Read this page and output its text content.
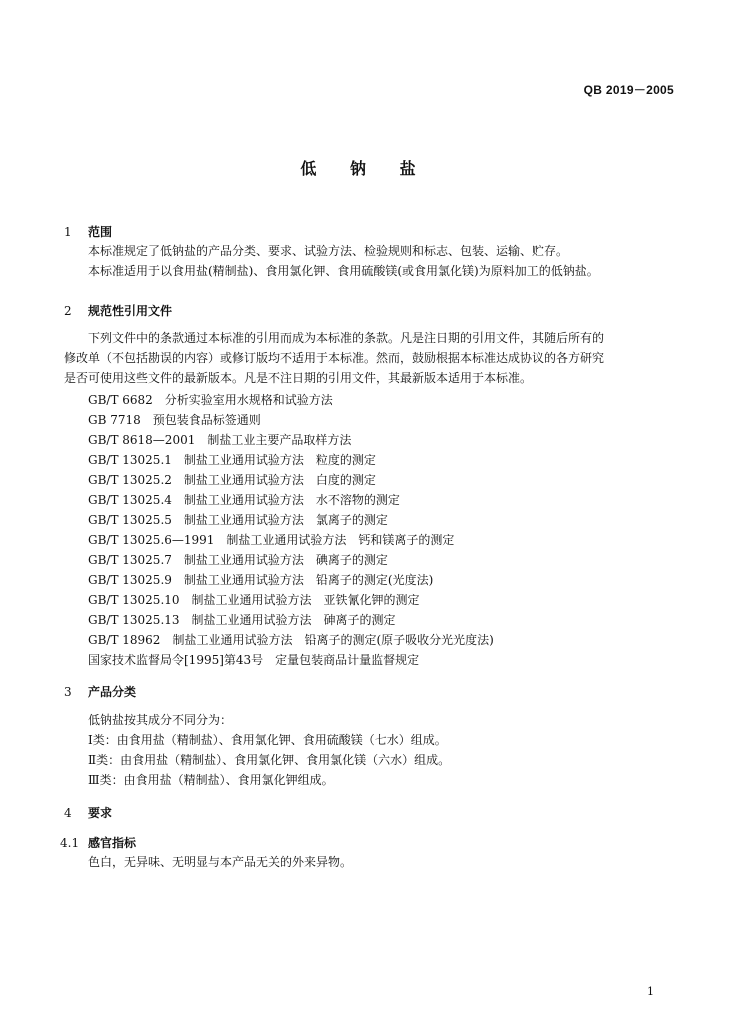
QB 2019－2005
低 钠 盐
1 范围
本标准规定了低钠盐的产品分类、要求、试验方法、检验规则和标志、包装、运输、贮存。
本标准适用于以食用盐(精制盐)、食用氯化钾、食用硫酸镁(或食用氯化镁)为原料加工的低钠盐。
2 规范性引用文件
下列文件中的条款通过本标准的引用而成为本标准的条款。凡是注日期的引用文件，其随后所有的
修改单（不包括勘误的内容）或修订版均不适用于本标准。然而，鼓励根据本标准达成协议的各方研究
是否可使用这些文件的最新版本。凡是不注日期的引用文件，其最新版本适用于本标准。
GB/T 6682　分析实验室用水规格和试验方法
GB 7718　预包装食品标签通则
GB/T 8618—2001　制盐工业主要产品取样方法
GB/T 13025.1　制盐工业通用试验方法　粒度的测定
GB/T 13025.2　制盐工业通用试验方法　白度的测定
GB/T 13025.4　制盐工业通用试验方法　水不溶物的测定
GB/T 13025.5　制盐工业通用试验方法　氯离子的测定
GB/T 13025.6—1991　制盐工业通用试验方法　钙和镁离子的测定
GB/T 13025.7　制盐工业通用试验方法　碘离子的测定
GB/T 13025.9　制盐工业通用试验方法　铅离子的测定(光度法)
GB/T 13025.10　制盐工业通用试验方法　亚铁氰化钾的测定
GB/T 13025.13　制盐工业通用试验方法　砷离子的测定
GB/T 18962　制盐工业通用试验方法　铅离子的测定(原子吸收分光光度法)
国家技术监督局令[1995]第43号　定量包装商品计量监督规定
3 产品分类
低钠盐按其成分不同分为：
Ⅰ类：由食用盐（精制盐）、食用氯化钾、食用硫酸镁（七水）组成。
Ⅱ类：由食用盐（精制盐）、食用氯化钾、食用氯化镁（六水）组成。
Ⅲ类：由食用盐（精制盐）、食用氯化钾组成。
4 要求
4.1 感官指标
色白，无异味、无明显与本产品无关的外来异物。
1
